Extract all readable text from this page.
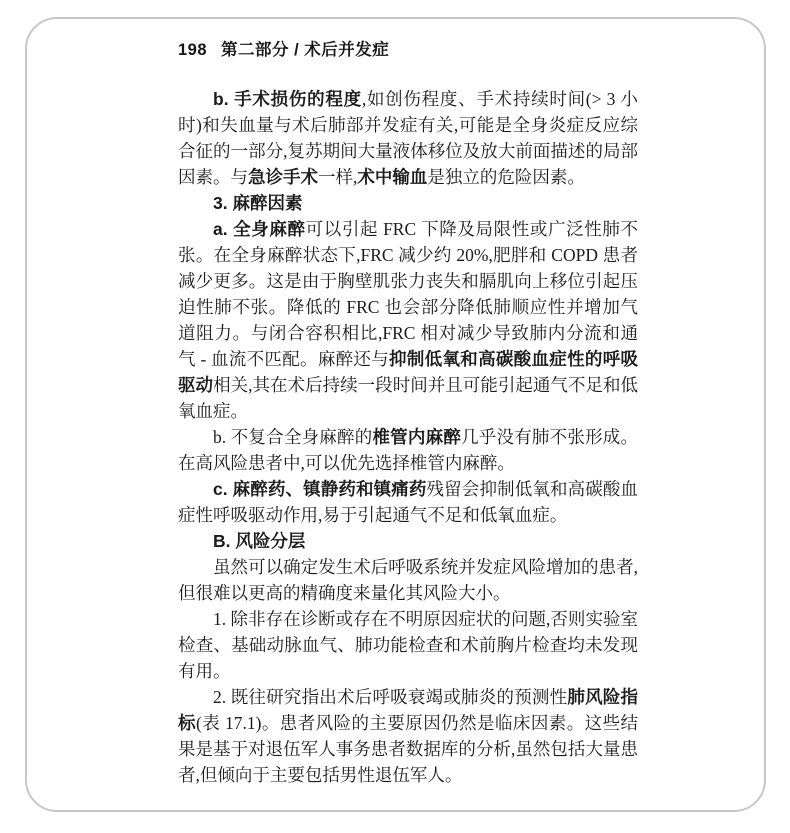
198 第二部分 / 术后并发症

b. 手术损伤的程度,如创伤程度、手术持续时间(> 3 小时)和失血量与术后肺部并发症有关,可能是全身炎症反应综合征的一部分,复苏期间大量液体移位及放大前面描述的局部因素。与急诊手术一样,术中输血是独立的危险因素。

3. 麻醉因素

a. 全身麻醉可以引起 FRC 下降及局限性或广泛性肺不张。在全身麻醉状态下,FRC 减少约 20%,肥胖和 COPD 患者减少更多。这是由于胸壁肌张力丧失和膈肌向上移位引起压迫性肺不张。降低的 FRC 也会部分降低肺顺应性并增加气道阻力。与闭合容积相比,FRC 相对减少导致肺内分流和通气 - 血流不匹配。麻醉还与抑制低氧和高碳酸血症性的呼吸驱动相关,其在术后持续一段时间并且可能引起通气不足和低氧血症。

b. 不复合全身麻醉的椎管内麻醉几乎没有肺不张形成。在高风险患者中,可以优先选择椎管内麻醉。

c. 麻醉药、镇静药和镇痛药残留会抑制低氧和高碳酸血症性呼吸驱动作用,易于引起通气不足和低氧血症。

B. 风险分层

虽然可以确定发生术后呼吸系统并发症风险增加的患者,但很难以更高的精确度来量化其风险大小。

1. 除非存在诊断或存在不明原因症状的问题,否则实验室检查、基础动脉血气、肺功能检查和术前胸片检查均未发现有用。

2. 既往研究指出术后呼吸衰竭或肺炎的预测性肺风险指标(表 17.1)。患者风险的主要原因仍然是临床因素。这些结果是基于对退伍军人事务患者数据库的分析,虽然包括大量患者,但倾向于主要包括男性退伍军人。
